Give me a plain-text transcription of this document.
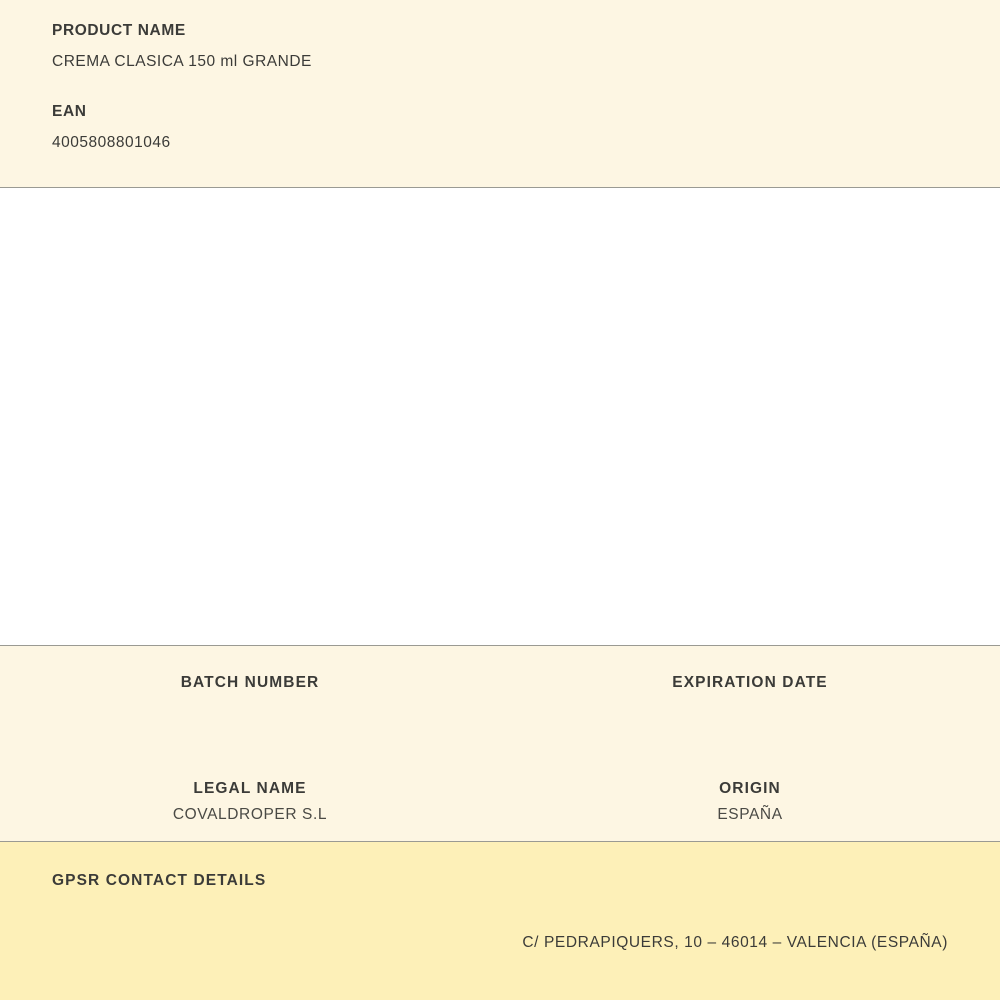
PRODUCT NAME

CREMA CLASICA 150 ml GRANDE

EAN

4005808801046

BATCH NUMBER	EXPIRATION DATE

LEGAL NAME

COVALDROPER S.L

ORIGIN

ESPAÑA

GPSR CONTACT DETAILS

C/ PEDRAPIQUERS, 10 – 46014 – VALENCIA (ESPAÑA)
